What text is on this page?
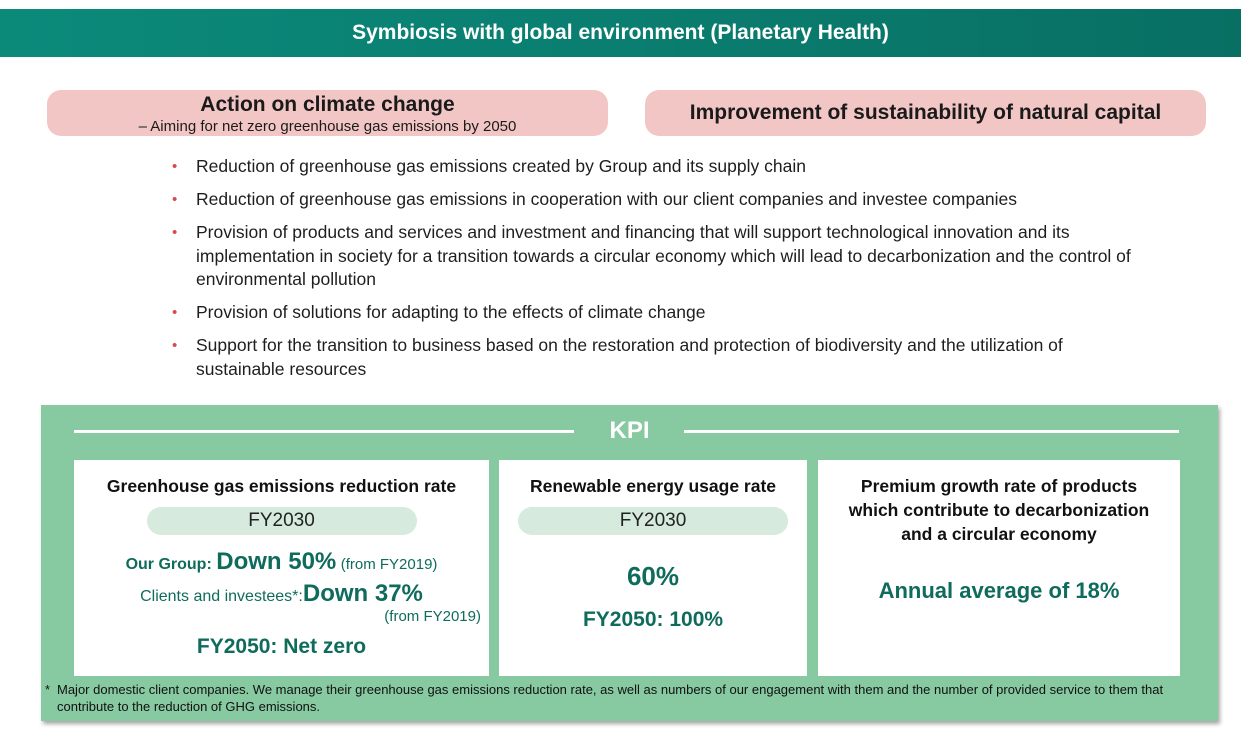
Symbiosis with global environment (Planetary Health)
Action on climate change
– Aiming for net zero greenhouse gas emissions by 2050
Improvement of sustainability of natural capital
• Reduction of greenhouse gas emissions created by Group and its supply chain
• Reduction of greenhouse gas emissions in cooperation with our client companies and investee companies
• Provision of products and services and investment and financing that will support technological innovation and its implementation in society for a transition towards a circular economy which will lead to decarbonization and the control of environmental pollution
• Provision of solutions for adapting to the effects of climate change
• Support for the transition to business based on the restoration and protection of biodiversity and the utilization of sustainable resources
KPI
Greenhouse gas emissions reduction rate
FY2030
Our Group: Down 50% (from FY2019)
Clients and investees*:Down 37%
(from FY2019)
FY2050: Net zero
Renewable energy usage rate
FY2030
60%
FY2050: 100%
Premium growth rate of products which contribute to decarbonization and a circular economy
Annual average of 18%
* Major domestic client companies. We manage their greenhouse gas emissions reduction rate, as well as numbers of our engagement with them and the number of provided service to them that contribute to the reduction of GHG emissions.
